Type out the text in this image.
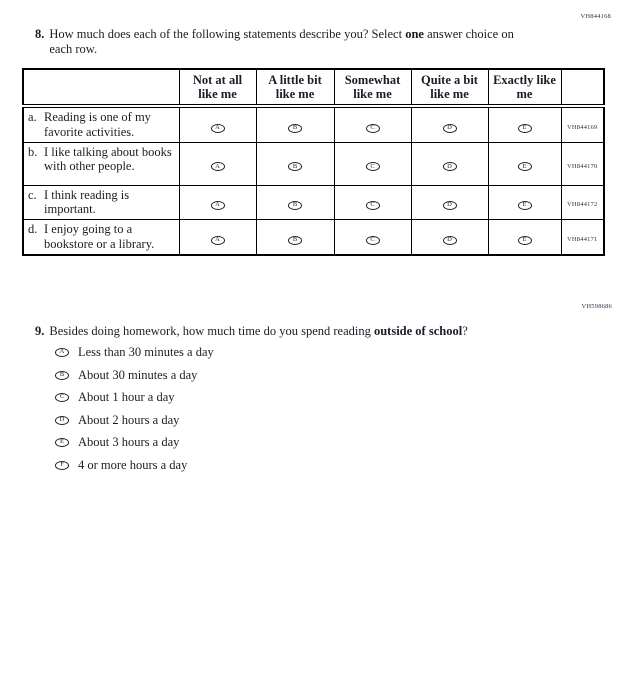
VH844168
8. How much does each of the following statements describe you? Select one answer choice on each row.

	Not at all like me	A little bit like me	Somewhat like me	Quite a bit like me	Exactly like me	

a. Reading is one of my favorite activities.	A	B	C	D	E	VH844169

b. I like talking about books with other people.	A	B	C	D	E	VH844170

c. I think reading is important.	A	B	C	D	E	VH844172

d. I enjoy going to a bookstore or a library.	A	B	C	D	E	VH844171
VH598686
9. Besides doing homework, how much time do you spend reading outside of school?

A	Less than 30 minutes a day
B	About 30 minutes a day
C	About 1 hour a day
D	About 2 hours a day
E	About 3 hours a day
F	4 or more hours a day
